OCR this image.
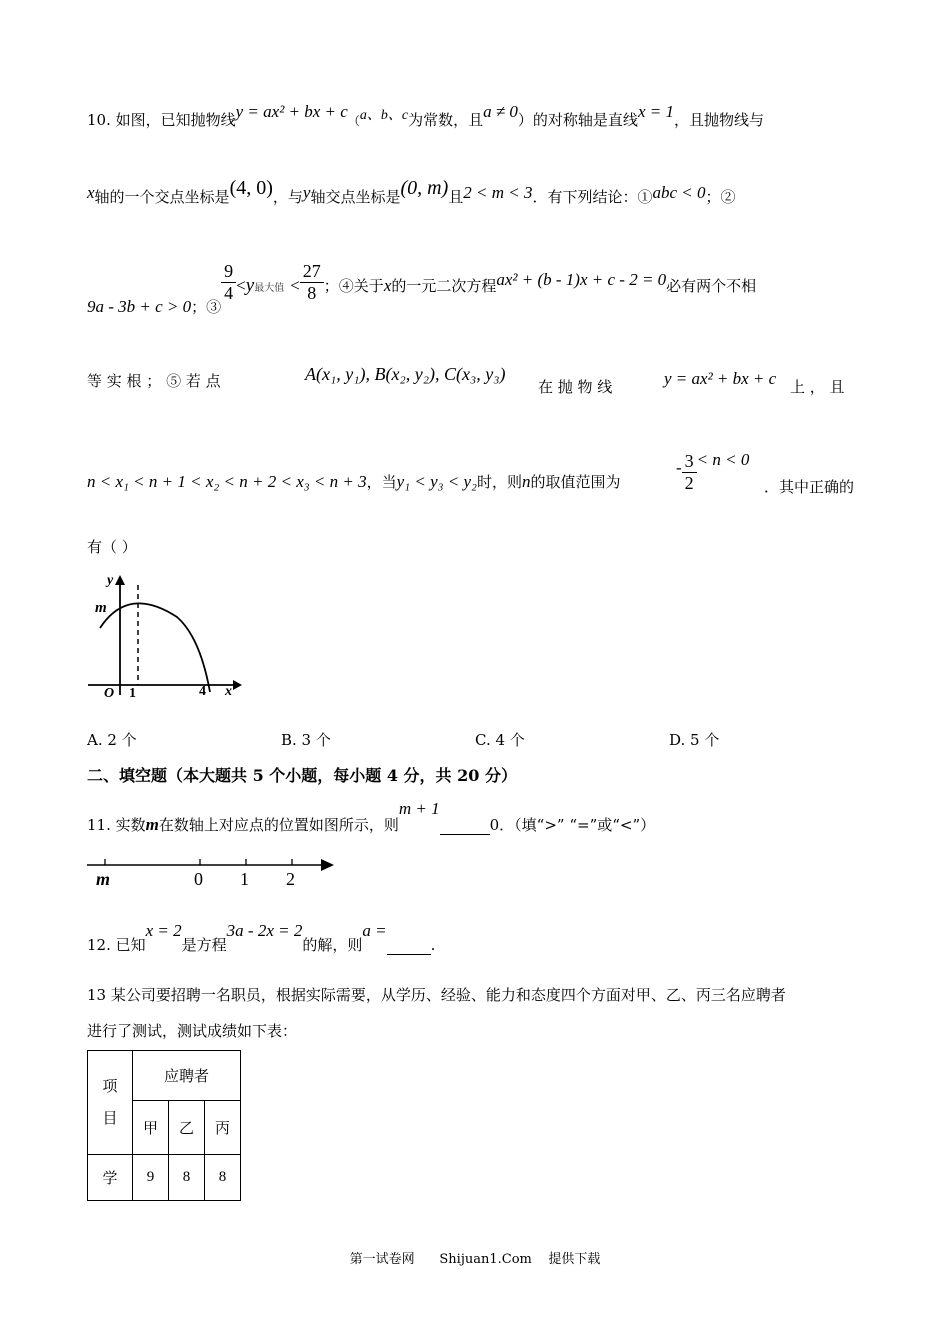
10. 如图，已知抛物线y = ax² + bx + c（a、b、c为常数，且a ≠ 0）的对称轴是直线x = 1，且抛物线与
x轴的一个交点坐标是(4, 0)，与y轴交点坐标是(0, m)且2 < m < 3．有下列结论：①abc < 0；②
9a - 3b + c > 0；③
$\frac{9}{4} <y_{最大值} < \frac{27}{8}$ ；④关于x的一元二次方程ax² + (b - 1)x + c - 2 = 0必有两个不相
等 实 根 ； ⑤ 若 点	A(x₁, y₁), B(x₂, y₂), C(x₃, y₃)
在 抛 物 线	y = ax² + bx + c 上 ， 且
n < x₁ < n + 1 < x₂ < n + 2 < x₃ < n + 3，当y₁ < y₃ < y₂时，则n的取值范围为
- $\frac{3}{2} < n < 0$
．其中正确的
有（ ）
y
m
O 1	4 x
A. 2 个	B. 3 个	C. 4 个	D. 5 个
二、填空题（本大题共 5 个小题，每小题 4 分，共 20 分）
11. 实数m在数轴上对应点的位置如图所示，则m + 1 0．（填“>” “=”或“<”）
m	0 1 2
12. 已知x = 2是方程3a - 2x = 2的解，则a = .
13 某公司要招聘一名职员，根据实际需要，从学历、经验、能力和态度四个方面对甲、乙、丙三名应聘者
进行了测试，测试成绩如下表：
项
目	应聘者		
	甲	乙	丙
学	9	8	8
第一试卷网      Shijuan1.Com    提供下载
